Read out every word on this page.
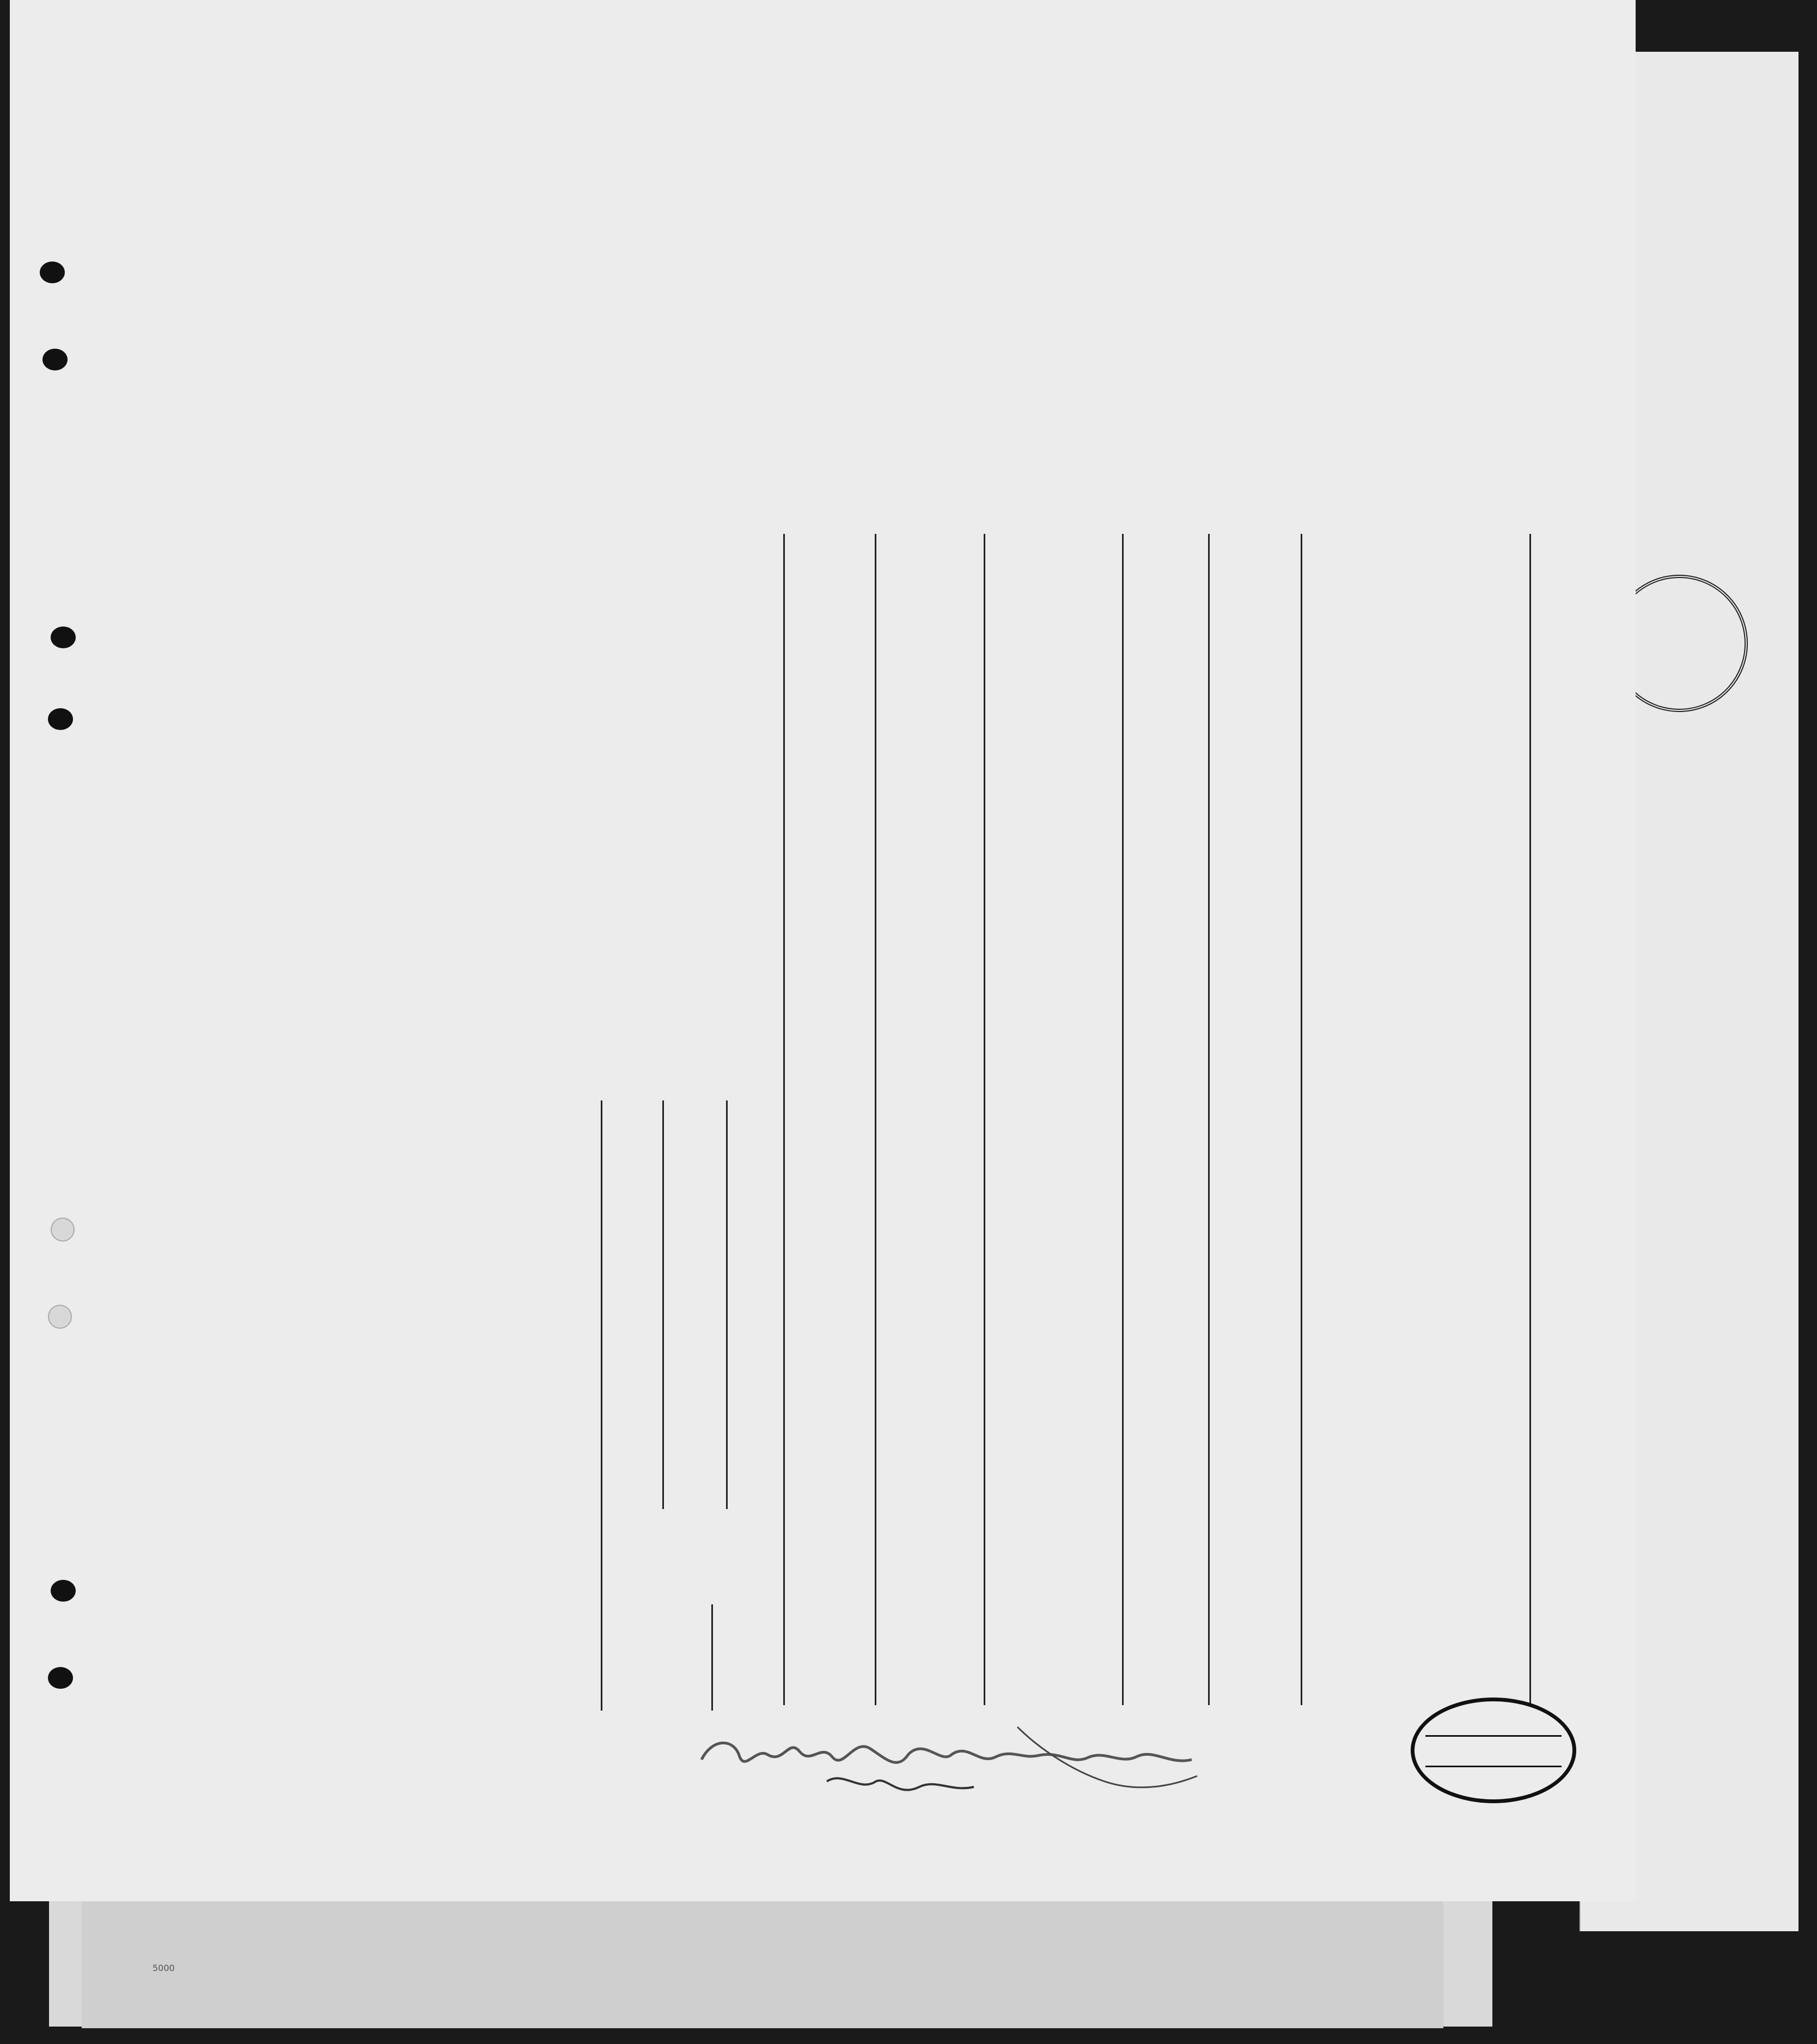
5000
